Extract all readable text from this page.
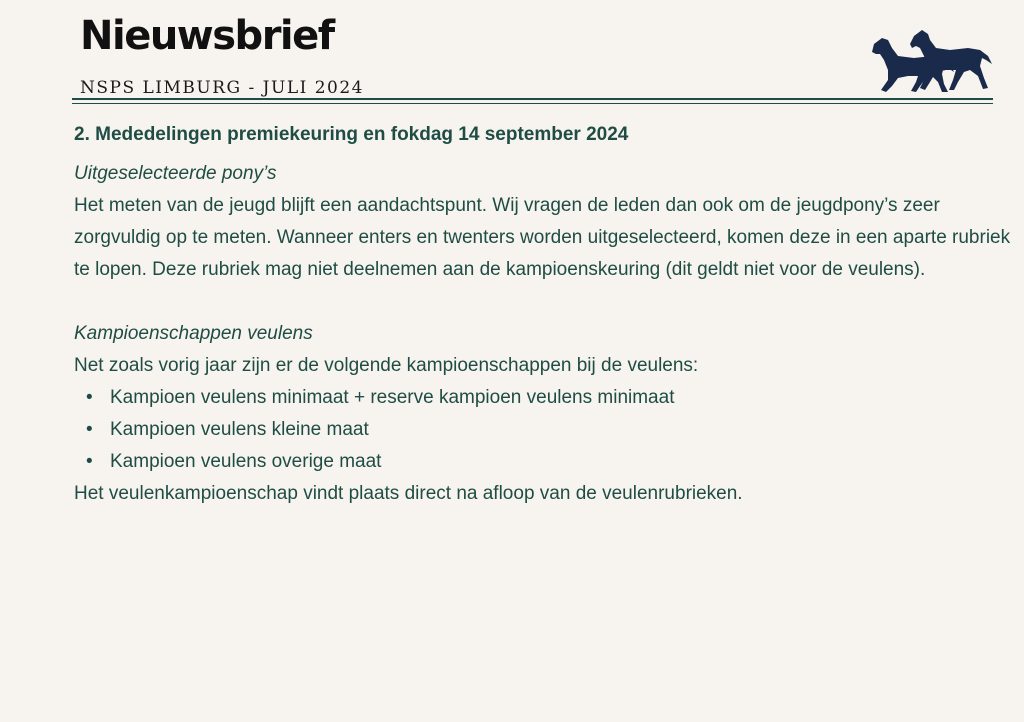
Nieuwsbrief
NSPS LIMBURG - JULI 2024
2. Mededelingen premiekeuring en fokdag 14 september 2024

Uitgeselecteerde pony’s

Het meten van de jeugd blijft een aandachtspunt. Wij vragen de leden dan ook om de jeugdpony’s zeer zorgvuldig op te meten. Wanneer enters en twenters worden uitgeselecteerd, komen deze in een aparte rubriek te lopen. Deze rubriek mag niet deelnemen aan de kampioenskeuring (dit geldt niet voor de veulens).

Kampioenschappen veulens

Net zoals vorig jaar zijn er de volgende kampioenschappen bij de veulens:

• Kampioen veulens minimaat + reserve kampioen veulens minimaat
• Kampioen veulens kleine maat
• Kampioen veulens overige maat

Het veulenkampioenschap vindt plaats direct na afloop van de veulenrubrieken.
